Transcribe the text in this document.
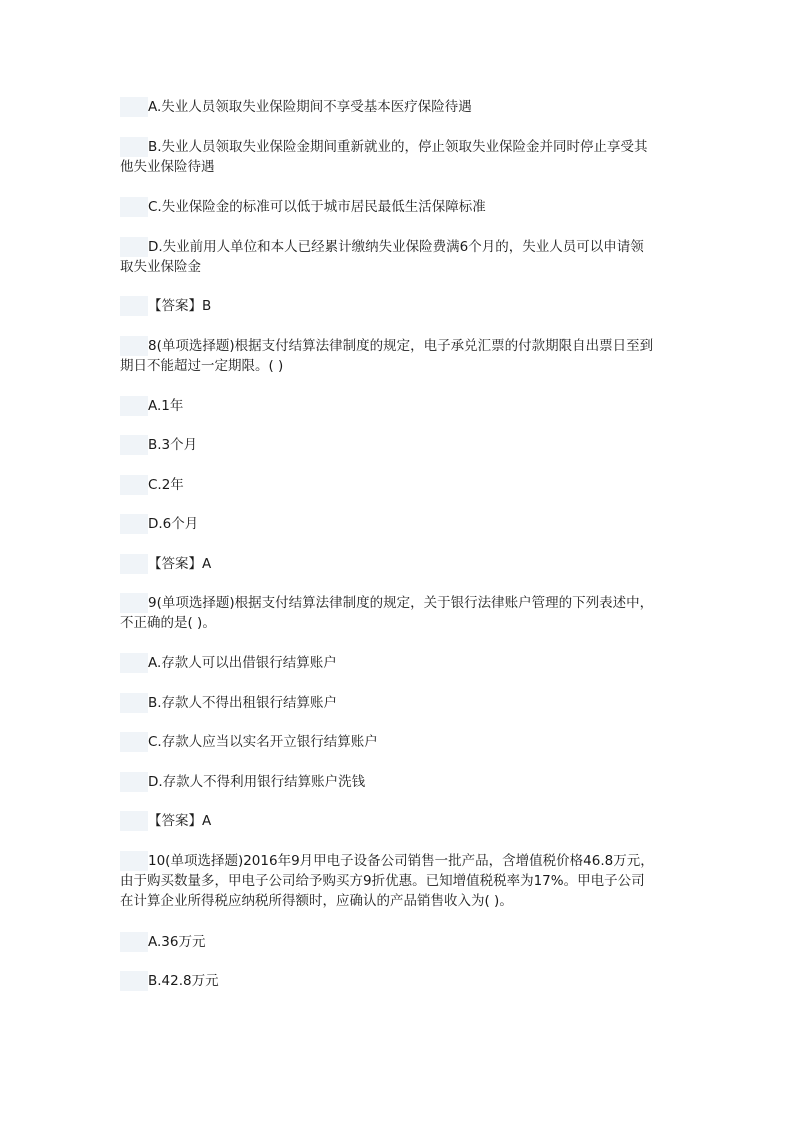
A.失业人员领取失业保险期间不享受基本医疗保险待遇
B.失业人员领取失业保险金期间重新就业的，停止领取失业保险金并同时停止享受其
他失业保险待遇
C.失业保险金的标准可以低于城市居民最低生活保障标准
D.失业前用人单位和本人已经累计缴纳失业保险费满6个月的，失业人员可以申请领
取失业保险金
【答案】B
8(单项选择题)根据支付结算法律制度的规定，电子承兑汇票的付款期限自出票日至到
期日不能超过一定期限。( )
A.1年
B.3个月
C.2年
D.6个月
【答案】A
9(单项选择题)根据支付结算法律制度的规定，关于银行法律账户管理的下列表述中，
不正确的是( )。
A.存款人可以出借银行结算账户
B.存款人不得出租银行结算账户
C.存款人应当以实名开立银行结算账户
D.存款人不得利用银行结算账户洗钱
【答案】A
10(单项选择题)2016年9月甲电子设备公司销售一批产品，含增值税价格46.8万元，
由于购买数量多，甲电子公司给予购买方9折优惠。已知增值税税率为17%。甲电子公司
在计算企业所得税应纳税所得额时，应确认的产品销售收入为( )。
A.36万元
B.42.8万元
